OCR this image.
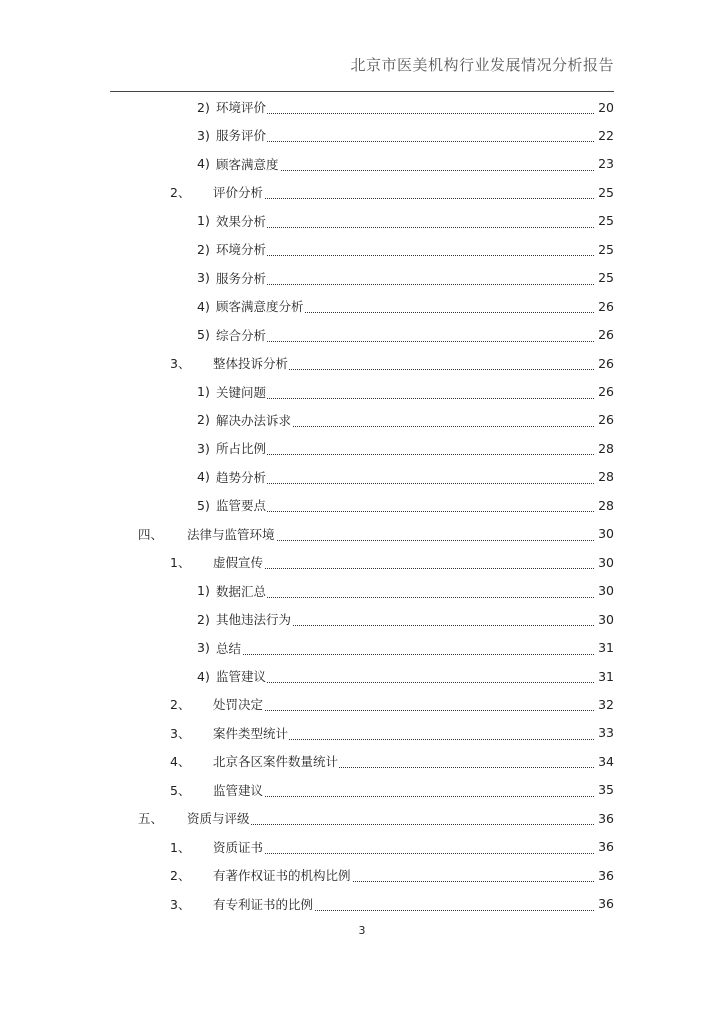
北京市医美机构行业发展情况分析报告
2) 环境评价	20
3) 服务评价	22
4) 顾客满意度	23
2、 评价分析	25
1) 效果分析	25
2) 环境分析	25
3) 服务分析	25
4) 顾客满意度分析	26
5) 综合分析	26
3、 整体投诉分析	26
1) 关键问题	26
2) 解决办法诉求	26
3) 所占比例	28
4) 趋势分析	28
5) 监管要点	28
四、 法律与监管环境	30
1、 虚假宣传	30
1) 数据汇总	30
2) 其他违法行为	30
3) 总结	31
4) 监管建议	31
2、 处罚决定	32
3、 案件类型统计	33
4、 北京各区案件数量统计	34
5、 监管建议	35
五、 资质与评级	36
1、 资质证书	36
2、 有著作权证书的机构比例	36
3、 有专利证书的比例	36
3
